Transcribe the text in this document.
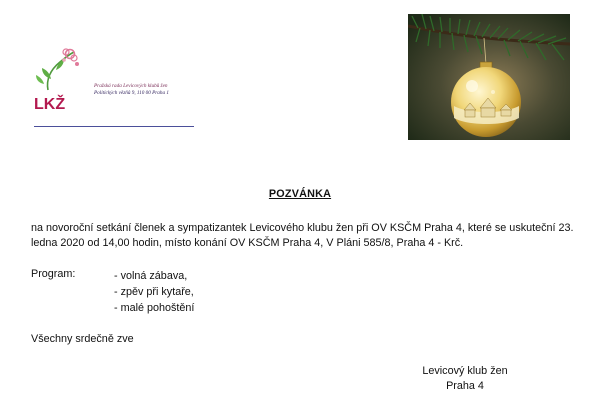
LKŽ
Pražská rada Levicových klubů žen
Politických vězňů 9, 110 00 Praha 1
POZVÁNKA
na novoroční setkání členek a sympatizantek Levicového klubu žen při OV KSČM Praha 4, které se uskuteční 23. ledna 2020 od 14,00 hodin, místo konání OV KSČM Praha 4, V Pláni 585/8, Praha 4 - Krč.
Program:	- volná zábava,
- zpěv při kytaře,
- malé pohoštění
Všechny srdečně zve
Levicový klub žen
Praha 4
